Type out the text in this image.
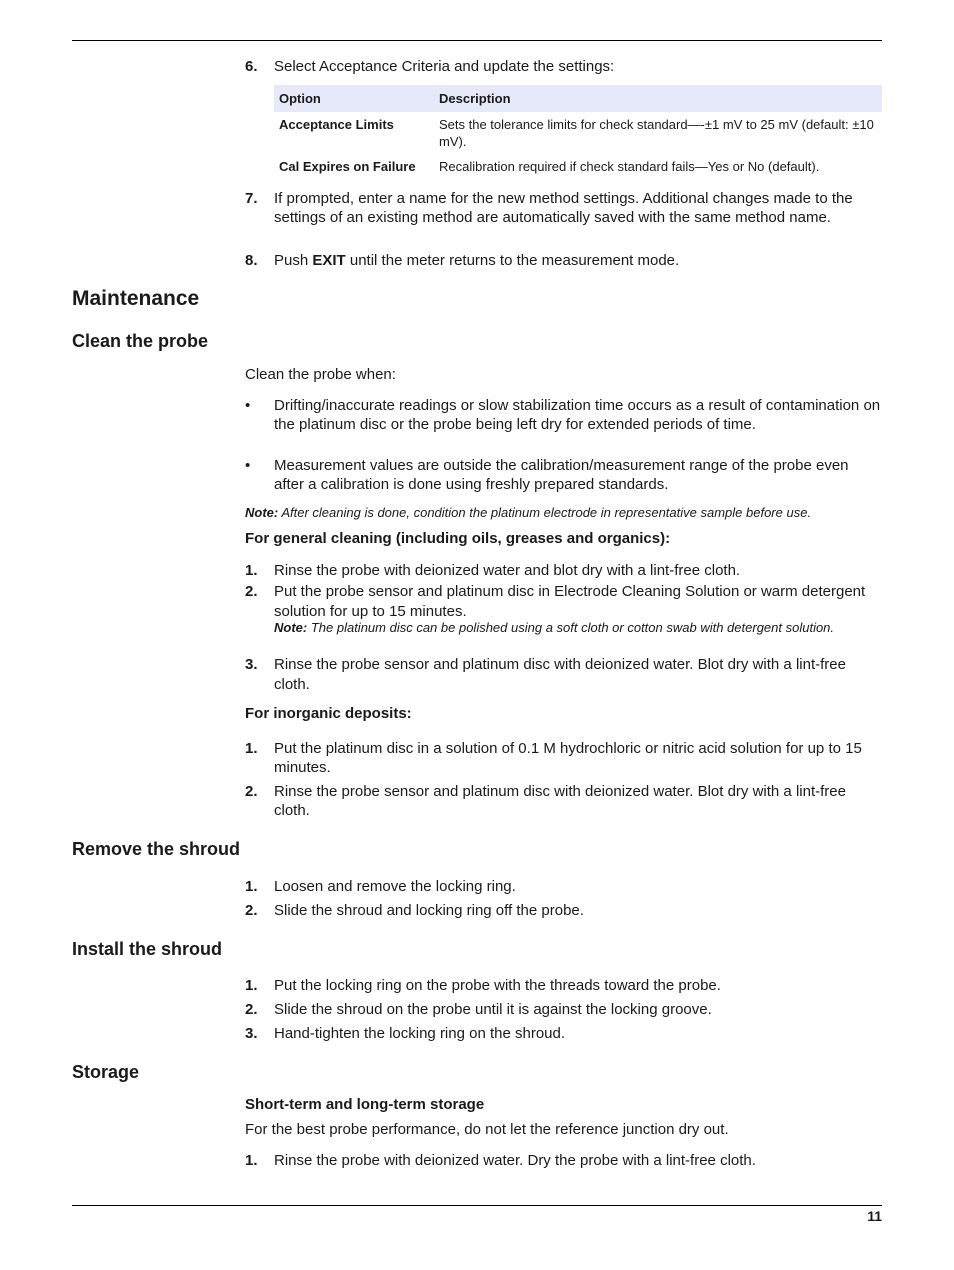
6. Select Acceptance Criteria and update the settings:
Option	Description
Acceptance Limits	Sets the tolerance limits for check standard—-±1 mV to 25 mV (default: ±10 mV).
Cal Expires on Failure	Recalibration required if check standard fails—Yes or No (default).
7. If prompted, enter a name for the new method settings. Additional changes made to the settings of an existing method are automatically saved with the same method name.
8. Push EXIT until the meter returns to the measurement mode.
Maintenance
Clean the probe
Clean the probe when:
• Drifting/inaccurate readings or slow stabilization time occurs as a result of contamination on the platinum disc or the probe being left dry for extended periods of time.
• Measurement values are outside the calibration/measurement range of the probe even after a calibration is done using freshly prepared standards.
Note: After cleaning is done, condition the platinum electrode in representative sample before use.
For general cleaning (including oils, greases and organics):
1. Rinse the probe with deionized water and blot dry with a lint-free cloth.
2. Put the probe sensor and platinum disc in Electrode Cleaning Solution or warm detergent solution for up to 15 minutes.
Note: The platinum disc can be polished using a soft cloth or cotton swab with detergent solution.
3. Rinse the probe sensor and platinum disc with deionized water. Blot dry with a lint-free cloth.
For inorganic deposits:
1. Put the platinum disc in a solution of 0.1 M hydrochloric or nitric acid solution for up to 15 minutes.
2. Rinse the probe sensor and platinum disc with deionized water. Blot dry with a lint-free cloth.
Remove the shroud
1. Loosen and remove the locking ring.
2. Slide the shroud and locking ring off the probe.
Install the shroud
1. Put the locking ring on the probe with the threads toward the probe.
2. Slide the shroud on the probe until it is against the locking groove.
3. Hand-tighten the locking ring on the shroud.
Storage
Short-term and long-term storage
For the best probe performance, do not let the reference junction dry out.
1. Rinse the probe with deionized water. Dry the probe with a lint-free cloth.
11
